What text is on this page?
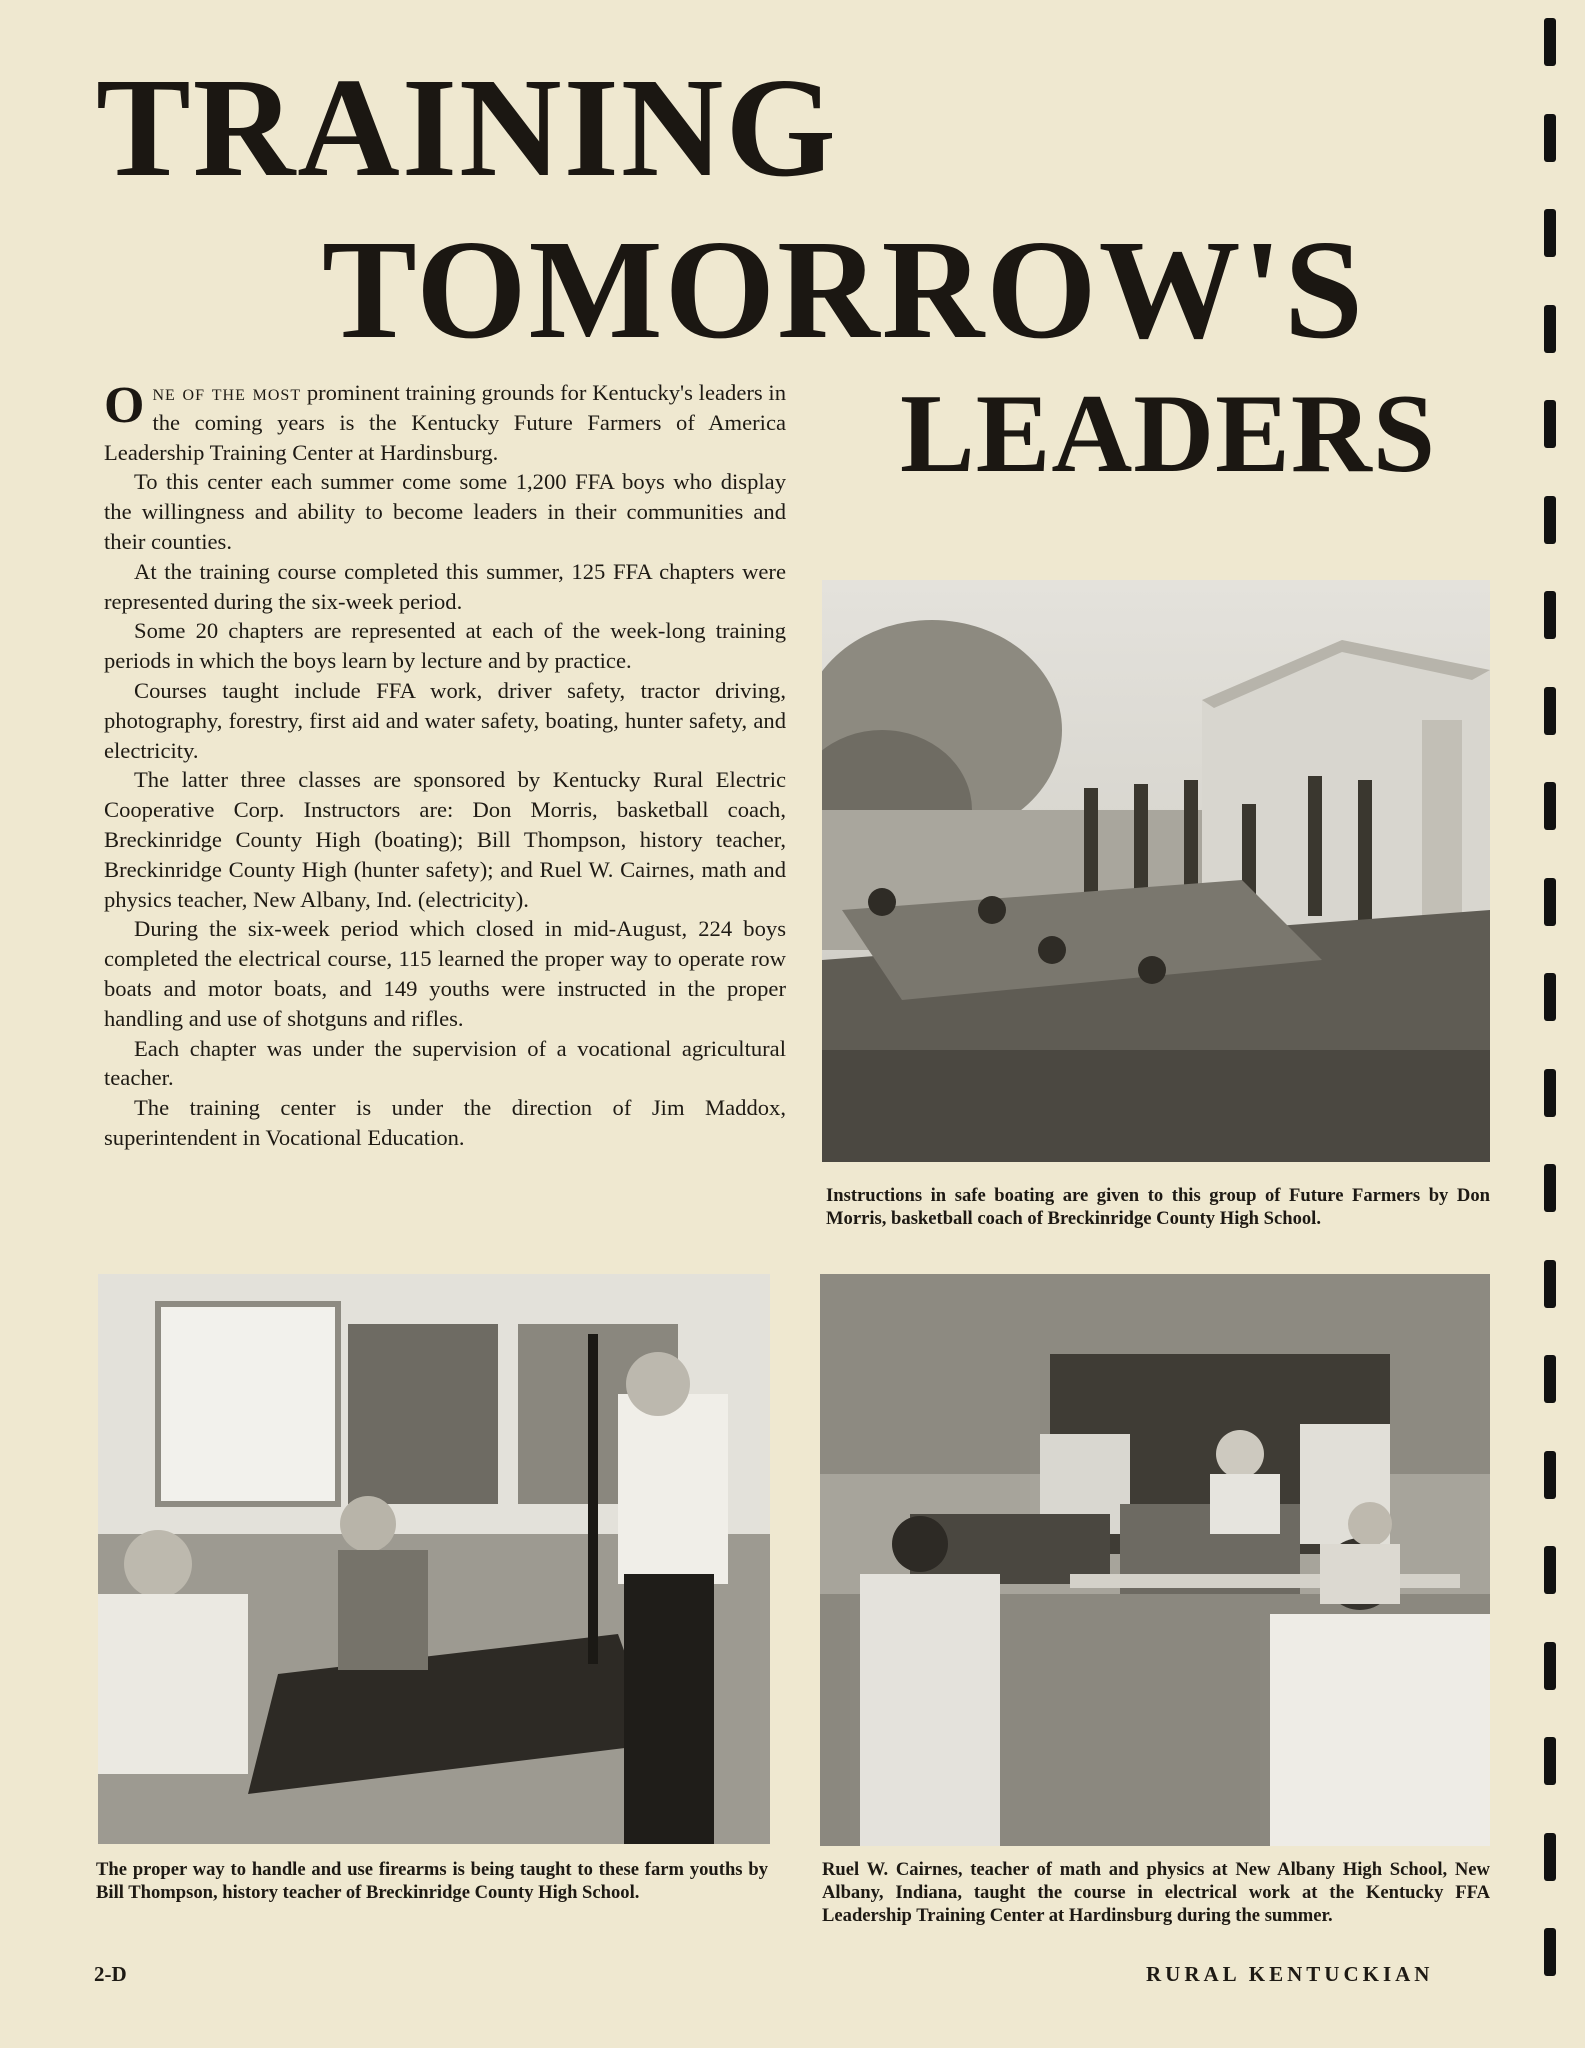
TRAINING
TOMORROW'S
LEADERS

One of the most prominent training grounds for Kentucky's leaders in the coming years is the Kentucky Future Farmers of America Leadership Training Center at Hardinsburg.

To this center each summer come some 1,200 FFA boys who display the willingness and ability to become leaders in their communities and their counties.

At the training course completed this summer, 125 FFA chapters were represented during the six-week period.

Some 20 chapters are represented at each of the week-long training periods in which the boys learn by lecture and by practice.

Courses taught include FFA work, driver safety, tractor driving, photography, forestry, first aid and water safety, boating, hunter safety, and electricity.

The latter three classes are sponsored by Kentucky Rural Electric Cooperative Corp. Instructors are: Don Morris, basketball coach, Breckinridge County High (boating); Bill Thompson, history teacher, Breckinridge County High (hunter safety); and Ruel W. Cairnes, math and physics teacher, New Albany, Ind. (electricity).

During the six-week period which closed in mid-August, 224 boys completed the electrical course, 115 learned the proper way to operate row boats and motor boats, and 149 youths were instructed in the proper handling and use of shotguns and rifles.

Each chapter was under the supervision of a vocational agricultural teacher.

The training center is under the direction of Jim Maddox, superintendent in Vocational Education.

Instructions in safe boating are given to this group of Future Farmers by Don Morris, basketball coach of Breckinridge County High School.
The proper way to handle and use firearms is being taught to these farm youths by Bill Thompson, history teacher of Breckinridge County High School.
Ruel W. Cairnes, teacher of math and physics at New Albany High School, New Albany, Indiana, taught the course in electrical work at the Kentucky FFA Leadership Training Center at Hardinsburg during the summer.
2-D	RURAL KENTUCKIAN
